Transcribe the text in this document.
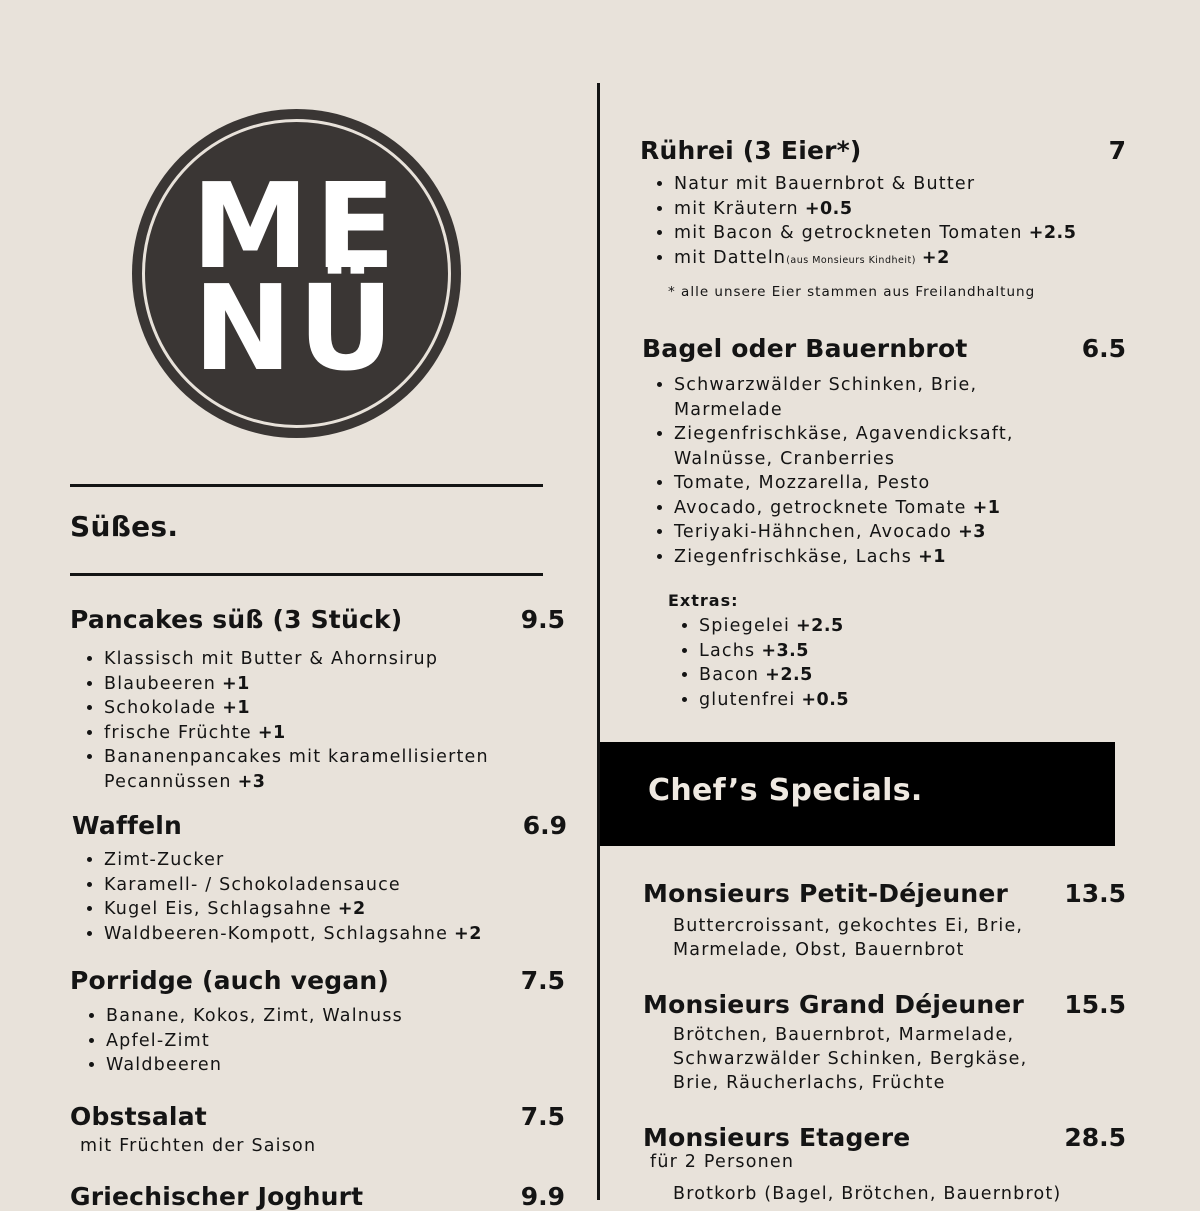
ME
NÜ
Süßes.
Pancakes süß (3 Stück)	9.5
• Klassisch mit Butter & Ahornsirup
• Blaubeeren +1
• Schokolade +1
• frische Früchte +1
• Bananenpancakes mit karamellisierten Pecannüssen +3
Waffeln	6.9
• Zimt-Zucker
• Karamell- / Schokoladensauce
• Kugel Eis, Schlagsahne +2
• Waldbeeren-Kompott, Schlagsahne +2
Porridge (auch vegan)	7.5
• Banane, Kokos, Zimt, Walnuss
• Apfel-Zimt
• Waldbeeren
Obstsalat	7.5
mit Früchten der Saison
Griechischer Joghurt	9.9
Rührei (3 Eier*)	7
• Natur mit Bauernbrot & Butter
• mit Kräutern +0.5
• mit Bacon & getrockneten Tomaten +2.5
• mit Datteln(aus Monsieurs Kindheit) +2
* alle unsere Eier stammen aus Freilandhaltung
Bagel oder Bauernbrot	6.5
• Schwarzwälder Schinken, Brie, Marmelade
• Ziegenfrischkäse, Agavendicksaft, Walnüsse, Cranberries
• Tomate, Mozzarella, Pesto
• Avocado, getrocknete Tomate +1
• Teriyaki-Hähnchen, Avocado +3
• Ziegenfrischkäse, Lachs +1
Extras:
• Spiegelei +2.5
• Lachs +3.5
• Bacon +2.5
• glutenfrei +0.5
Chef’s Specials.
Monsieurs Petit-Déjeuner	13.5
Buttercroissant, gekochtes Ei, Brie,
Marmelade, Obst, Bauernbrot
Monsieurs Grand Déjeuner	15.5
Brötchen, Bauernbrot, Marmelade,
Schwarzwälder Schinken, Bergkäse,
Brie, Räucherlachs, Früchte
Monsieurs Etagere	28.5
für 2 Personen
Brotkorb (Bagel, Brötchen, Bauernbrot)
